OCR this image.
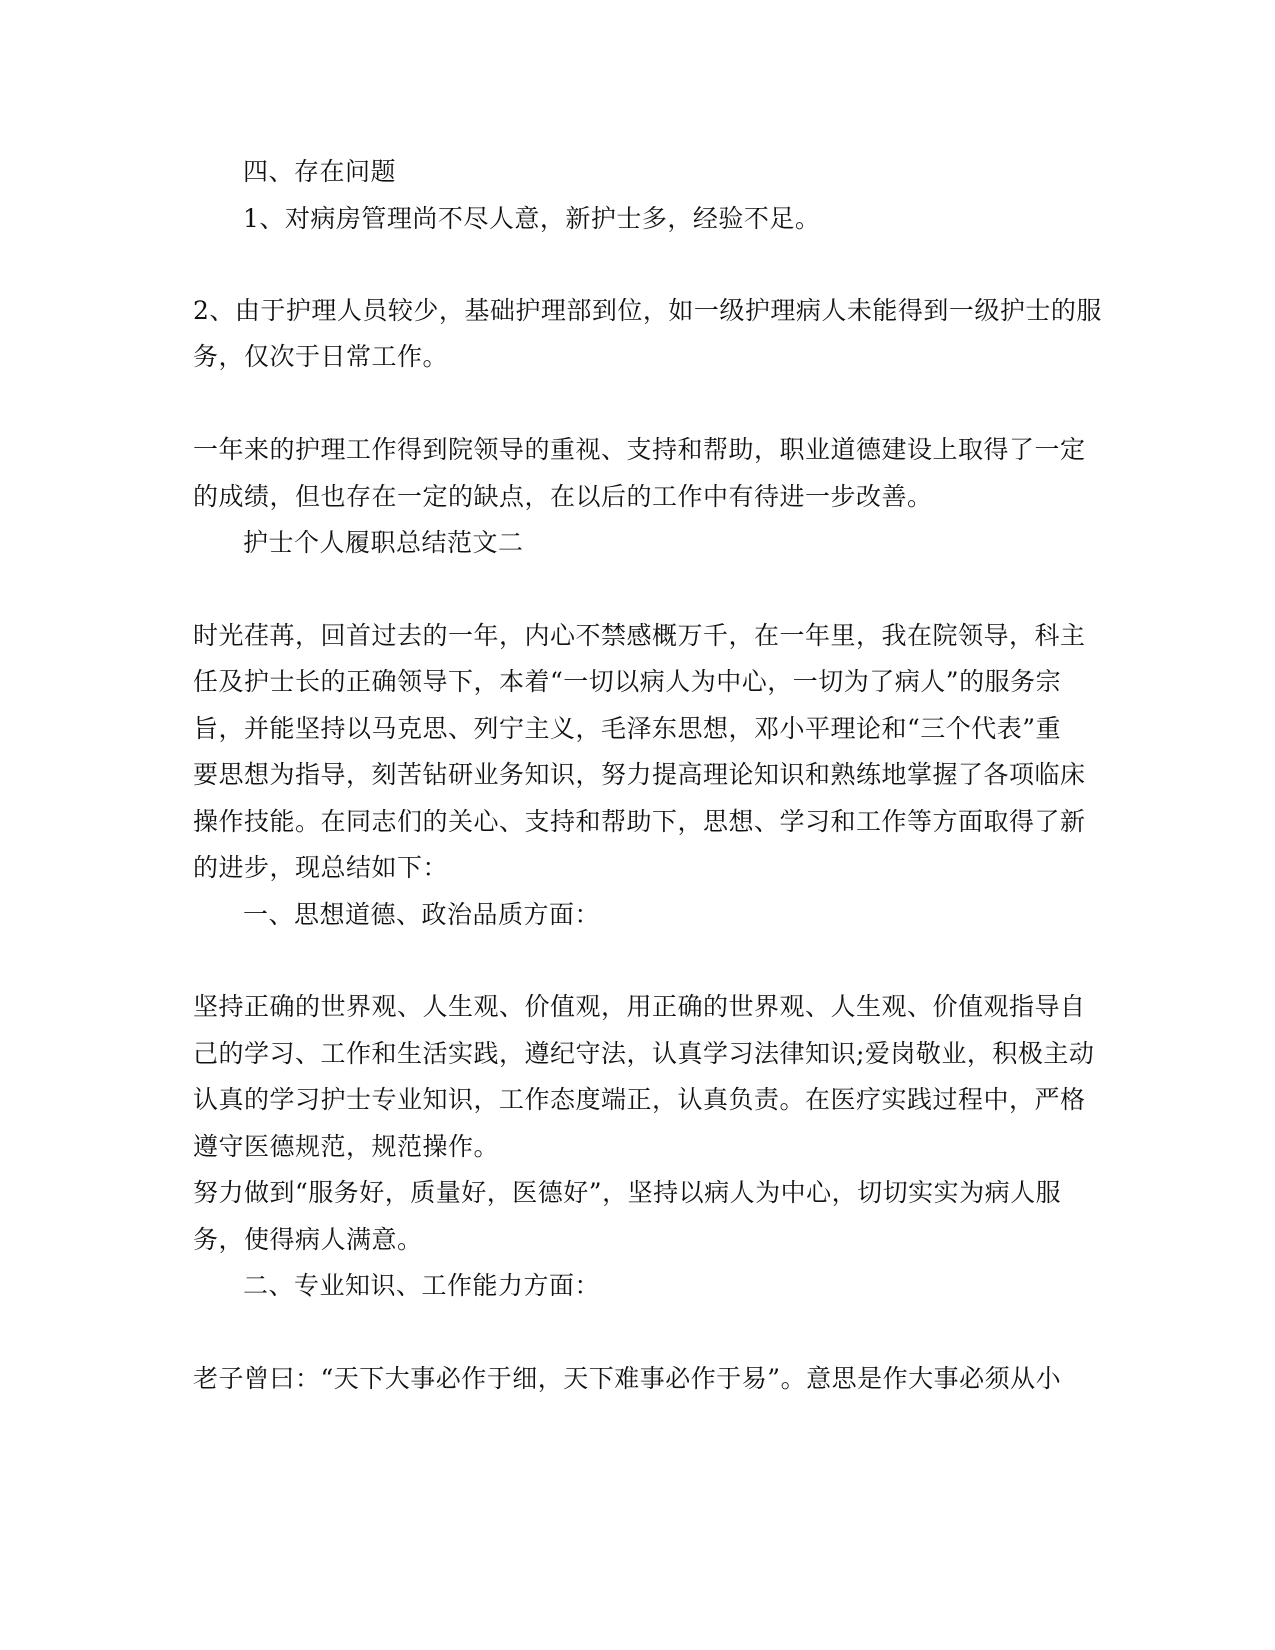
四、存在问题
1、对病房管理尚不尽人意，新护士多，经验不足。
2、由于护理人员较少，基础护理部到位，如一级护理病人未能得到一级护士的服
务，仅次于日常工作。
一年来的护理工作得到院领导的重视、支持和帮助，职业道德建设上取得了一定
的成绩，但也存在一定的缺点，在以后的工作中有待进一步改善。
护士个人履职总结范文二
时光荏苒，回首过去的一年，内心不禁感概万千，在一年里，我在院领导，科主
任及护士长的正确领导下，本着“一切以病人为中心，一切为了病人”的服务宗
旨，并能坚持以马克思、列宁主义，毛泽东思想，邓小平理论和“三个代表”重
要思想为指导，刻苦钻研业务知识，努力提高理论知识和熟练地掌握了各项临床
操作技能。在同志们的关心、支持和帮助下，思想、学习和工作等方面取得了新
的进步，现总结如下：
一、思想道德、政治品质方面：
坚持正确的世界观、人生观、价值观，用正确的世界观、人生观、价值观指导自
己的学习、工作和生活实践，遵纪守法，认真学习法律知识;爱岗敬业，积极主动
认真的学习护士专业知识，工作态度端正，认真负责。在医疗实践过程中，严格
遵守医德规范，规范操作。
努力做到“服务好，质量好，医德好”，坚持以病人为中心，切切实实为病人服
务，使得病人满意。
二、专业知识、工作能力方面：
老子曾曰：“天下大事必作于细，天下难事必作于易”。意思是作大事必须从小
